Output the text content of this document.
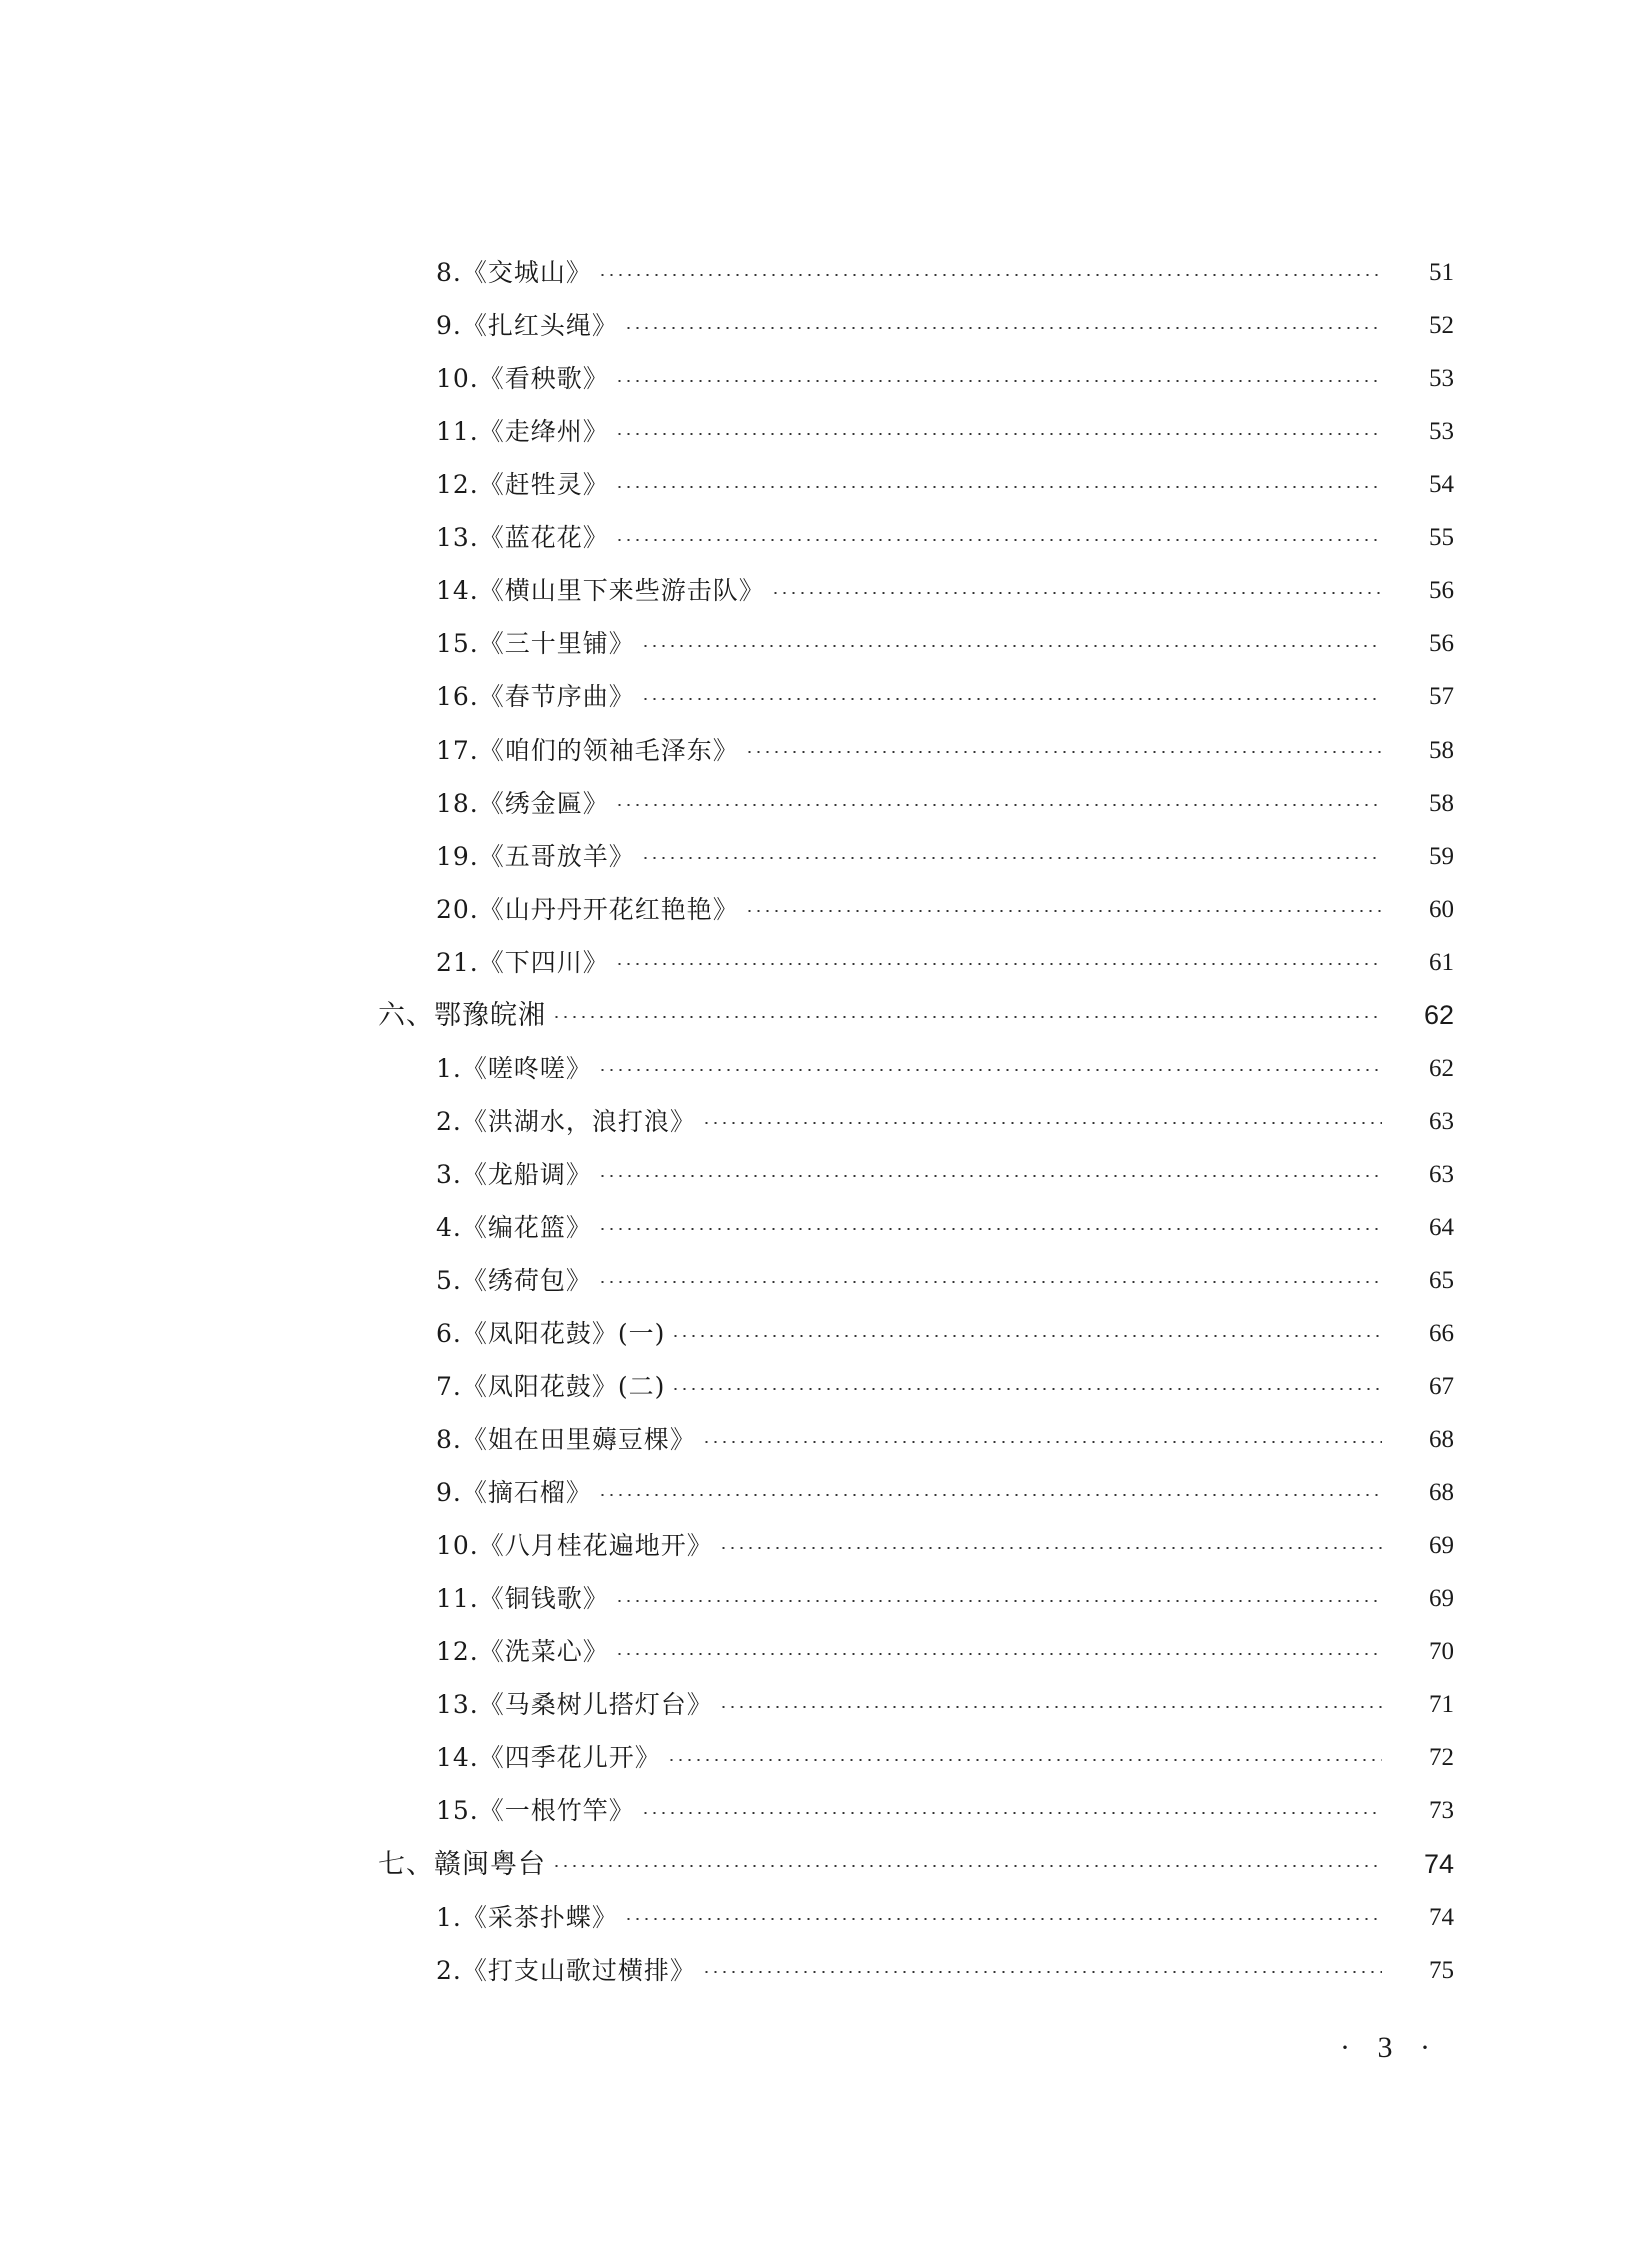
8.《交城山》	51
9.《扎红头绳》	52
10.《看秧歌》	53
11.《走绛州》	53
12.《赶牲灵》	54
13.《蓝花花》	55
14.《横山里下来些游击队》	56
15.《三十里铺》	56
16.《春节序曲》	57
17.《咱们的领袖毛泽东》	58
18.《绣金匾》	58
19.《五哥放羊》	59
20.《山丹丹开花红艳艳》	60
21.《下四川》	61
六、鄂豫皖湘	62
1.《嗟咚嗟》	62
2.《洪湖水，浪打浪》	63
3.《龙船调》	63
4.《编花篮》	64
5.《绣荷包》	65
6.《凤阳花鼓》(一)	66
7.《凤阳花鼓》(二)	67
8.《姐在田里薅豆棵》	68
9.《摘石榴》	68
10.《八月桂花遍地开》	69
11.《铜钱歌》	69
12.《洗菜心》	70
13.《马桑树儿搭灯台》	71
14.《四季花儿开》	72
15.《一根竹竿》	73
七、赣闽粤台	74
1.《采茶扑蝶》	74
2.《打支山歌过横排》	75
· 3 ·
